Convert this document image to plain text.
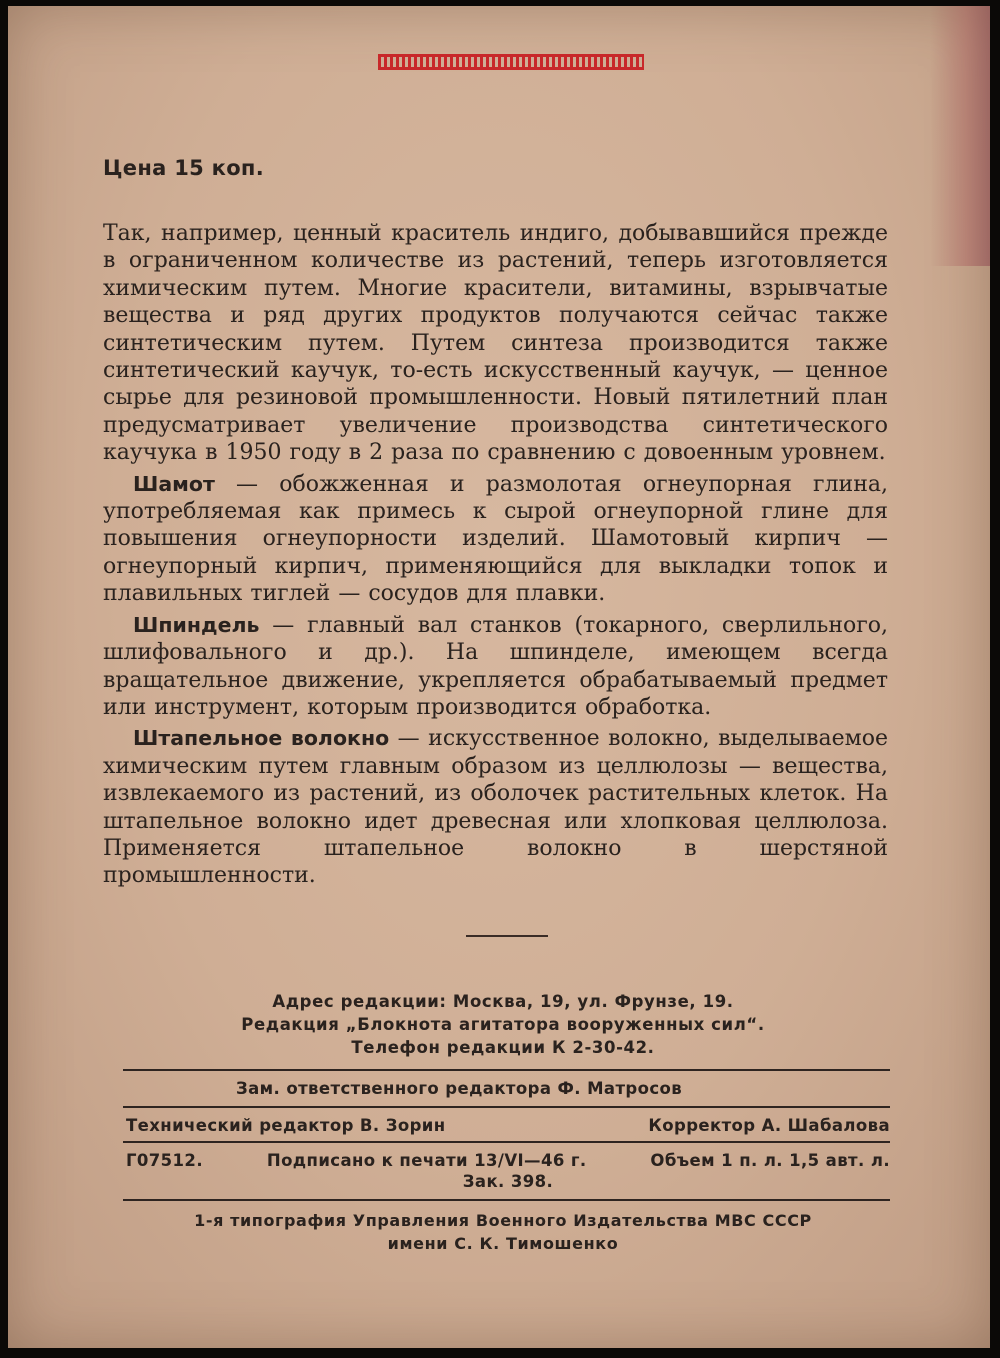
Цена 15 коп.

Так, например, ценный краситель индиго, добывавшийся прежде в ограниченном количестве из растений, теперь изготовляется химическим путем. Многие красители, витамины, взрывчатые вещества и ряд других продуктов получаются сейчас также синтетическим путем. Путем синтеза производится также синтетический каучук, то-есть искусственный каучук, — ценное сырье для резиновой промышленности. Новый пятилетний план предусматривает увеличение производства синтетического каучука в 1950 году в 2 раза по сравнению с довоенным уровнем.

Шамот — обожженная и размолотая огнеупорная глина, употребляемая как примесь к сырой огнеупорной глине для повышения огнеупорности изделий. Шамотовый кирпич — огнеупорный кирпич, применяющийся для выкладки топок и плавильных тиглей — сосудов для плавки.

Шпиндель — главный вал станков (токарного, сверлильного, шлифовального и др.). На шпинделе, имеющем всегда вращательное движение, укрепляется обрабатываемый предмет или инструмент, которым производится обработка.

Штапельное волокно — искусственное волокно, выделываемое химическим путем главным образом из целлюлозы — вещества, извлекаемого из растений, из оболочек растительных клеток. На штапельное волокно идет древесная или хлопковая целлюлоза. Применяется штапельное волокно в шерстяной промышленности.

Адрес редакции: Москва, 19, ул. Фрунзе, 19.
Редакция „Блокнота агитатора вооруженных сил“.
Телефон редакции К 2-30-42.
Зам. ответственного редактора Ф. Матросов
Технический редактор В. Зорин	Корректор А. Шабалова
Г07512.	Подписано к печати 13/VI—46 г.	Объем 1 п. л. 1,5 авт. л.
Зак. 398.
1-я типография Управления Военного Издательства МВС СССР
имени С. К. Тимошенко
